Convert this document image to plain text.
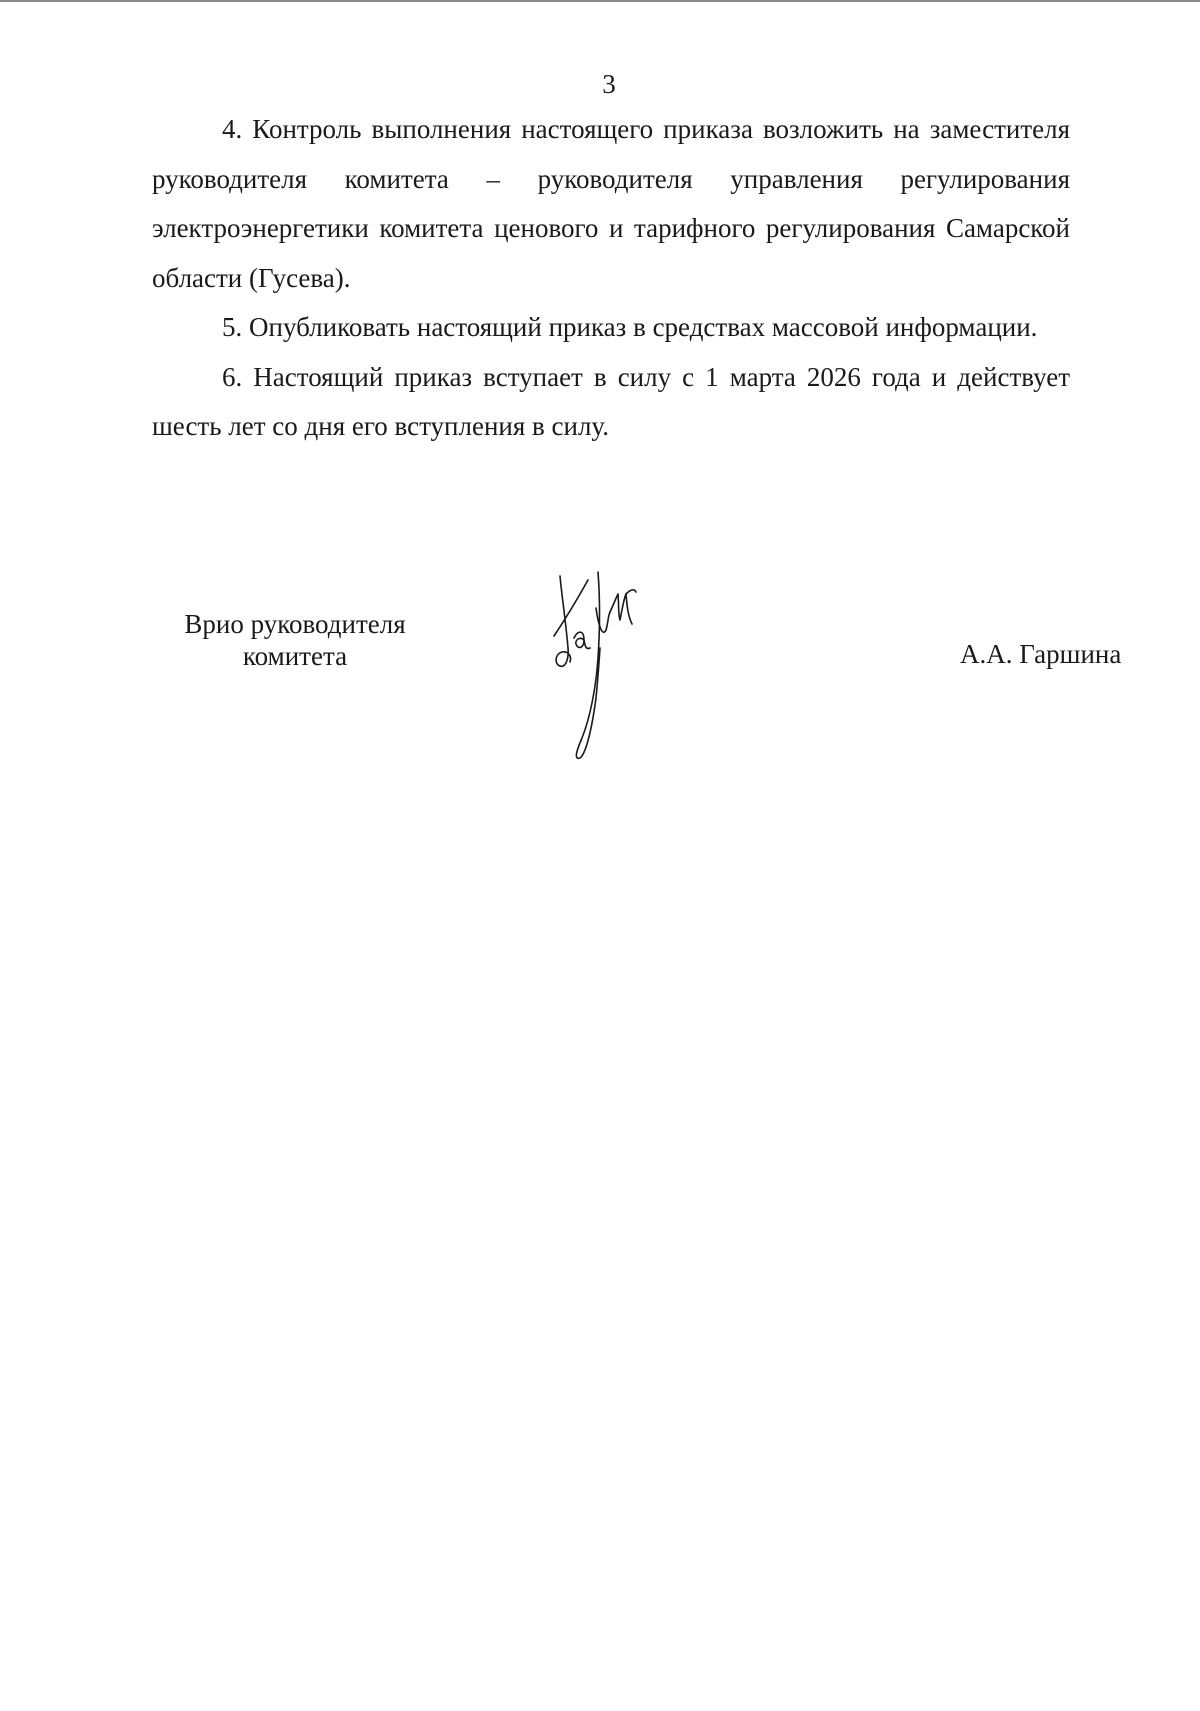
3

4. Контроль выполнения настоящего приказа возложить на заместителя руководителя комитета – руководителя управления регулирования электроэнергетики комитета ценового и тарифного регулирования Самарской области (Гусева).

5. Опубликовать настоящий приказ в средствах массовой информации.

6. Настоящий приказ вступает в силу с 1 марта 2026 года и действует шесть лет со дня его вступления в силу.

Врио руководителя
комитета	А.А. Гаршина
